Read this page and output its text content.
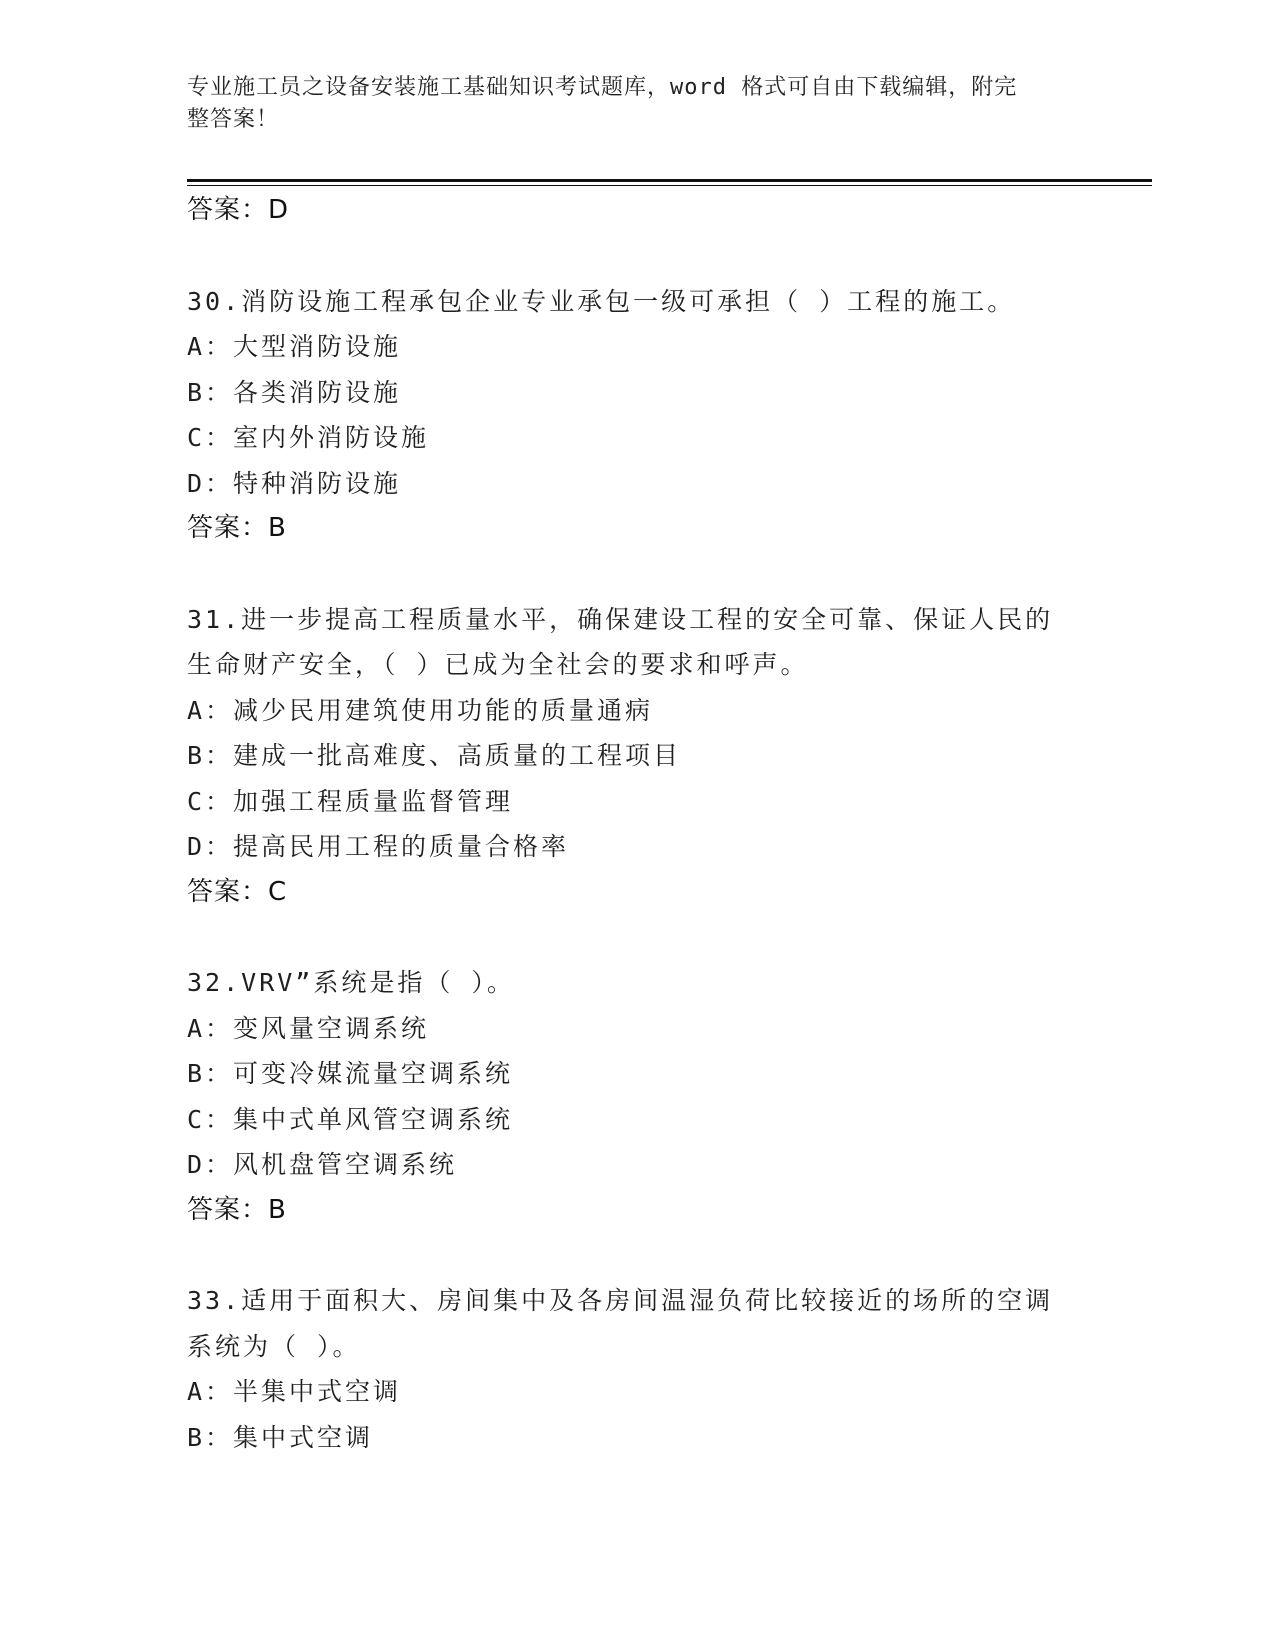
专业施工员之设备安装施工基础知识考试题库，word 格式可自由下载编辑，附完
整答案！
答案：D
30.消防设施工程承包企业专业承包一级可承担（ ）工程的施工。
A：大型消防设施
B：各类消防设施
C：室内外消防设施
D：特种消防设施
答案：B
31.进一步提高工程质量水平，确保建设工程的安全可靠、保证人民的
生命财产安全，（ ）已成为全社会的要求和呼声。
A：减少民用建筑使用功能的质量通病
B：建成一批高难度、高质量的工程项目
C：加强工程质量监督管理
D：提高民用工程的质量合格率
答案：C
32.VRV”系统是指（ ）。
A：变风量空调系统
B：可变冷媒流量空调系统
C：集中式单风管空调系统
D：风机盘管空调系统
答案：B
33.适用于面积大、房间集中及各房间温湿负荷比较接近的场所的空调
系统为（ ）。
A：半集中式空调
B：集中式空调
